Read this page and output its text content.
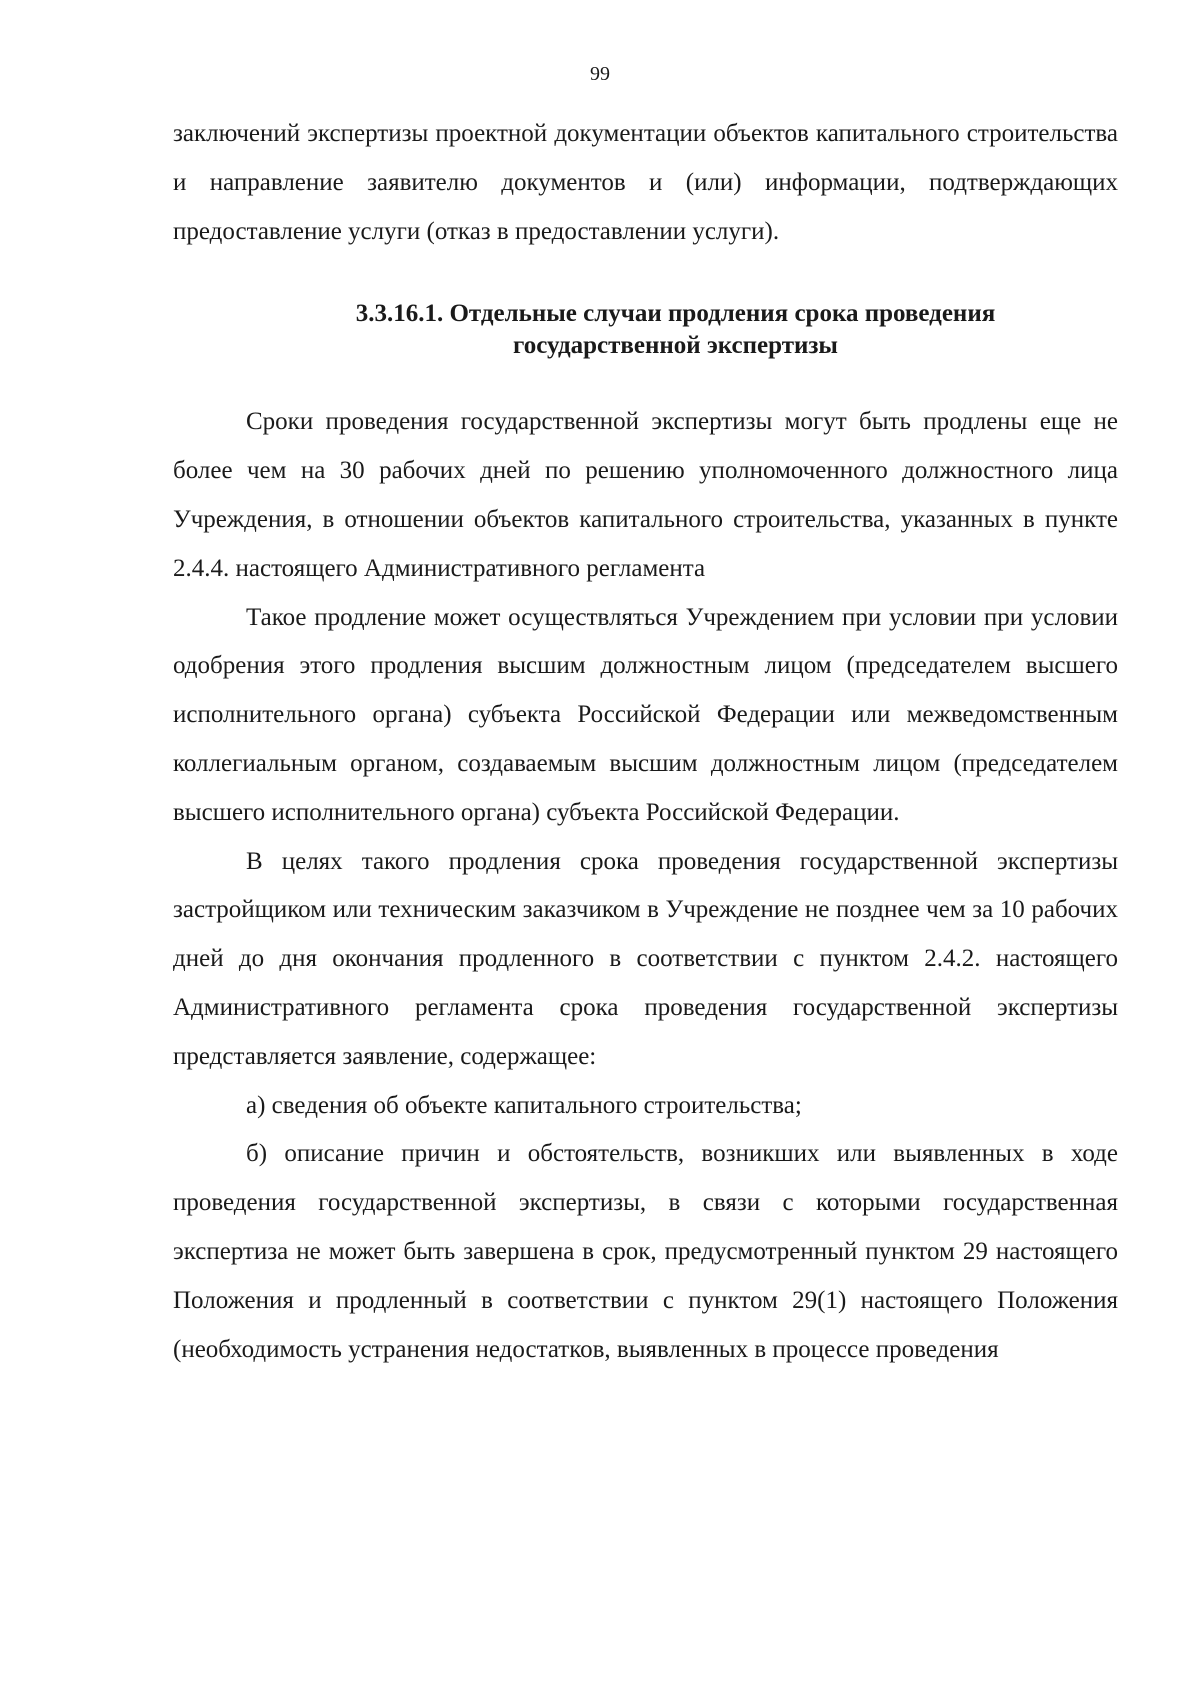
99

заключений экспертизы проектной документации объектов капитального строительства и направление заявителю документов и (или) информации, подтверждающих предоставление услуги (отказ в предоставлении услуги).

3.3.16.1. Отдельные случаи продления срока проведения
государственной экспертизы

Сроки проведения государственной экспертизы могут быть продлены еще не более чем на 30 рабочих дней по решению уполномоченного должностного лица Учреждения, в отношении объектов капитального строительства, указанных в пункте 2.4.4. настоящего Административного регламента

Такое продление может осуществляться Учреждением при условии при условии одобрения этого продления высшим должностным лицом (председателем высшего исполнительного органа) субъекта Российской Федерации или межведомственным коллегиальным органом, создаваемым высшим должностным лицом (председателем высшего исполнительного органа) субъекта Российской Федерации.

В целях такого продления срока проведения государственной экспертизы застройщиком или техническим заказчиком в Учреждение не позднее чем за 10 рабочих дней до дня окончания продленного в соответствии с пунктом 2.4.2. настоящего Административного регламента срока проведения государственной экспертизы представляется заявление, содержащее:

а) сведения об объекте капитального строительства;

б) описание причин и обстоятельств, возникших или выявленных в ходе проведения государственной экспертизы, в связи с которыми государственная экспертиза не может быть завершена в срок, предусмотренный пунктом 29 настоящего Положения и продленный в соответствии с пунктом 29(1) настоящего Положения (необходимость устранения недостатков, выявленных в процессе проведения
